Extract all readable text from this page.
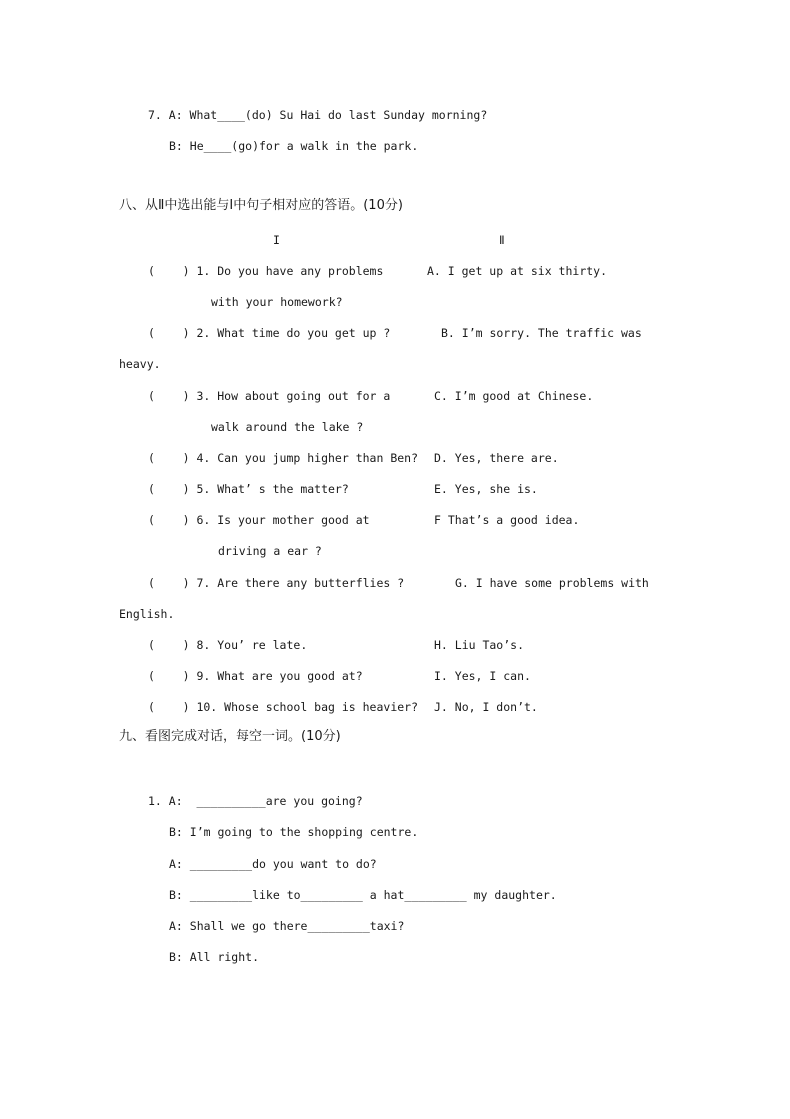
7. A: What____(do) Su Hai do last Sunday morning?
B: He____(go)for a walk in the park.
八、从Ⅱ中选出能与I中句子相对应的答语。(10分)
I	Ⅱ
(    ) 1. Do you have any problems
with your homework?
(    ) 2. What time do you get up ?
heavy.
(    ) 3. How about going out for a
walk around the lake ?
(    ) 4. Can you jump higher than Ben?
(    ) 5. What’ s the matter?
(    ) 6. Is your mother good at
driving a ear ?
(    ) 7. Are there any butterflies ?
English.
(    ) 8. You’ re late.
(    ) 9. What are you good at?
(    ) 10. Whose school bag is heavier?
A. I get up at six thirty.
B. I’m sorry. The traffic was
C. I’m good at Chinese.
D. Yes, there are.
E. Yes, she is.
F That’s a good idea.
G. I have some problems with
H. Liu Tao’s.
I. Yes, I can.
J. No, I don’t.
九、看图完成对话，每空一词。(10分)
1. A:  __________are you going?
B: I’m going to the shopping centre.
A: _________do you want to do?
B: _________like to_________ a hat_________ my daughter.
A: Shall we go there_________taxi?
B: All right.
